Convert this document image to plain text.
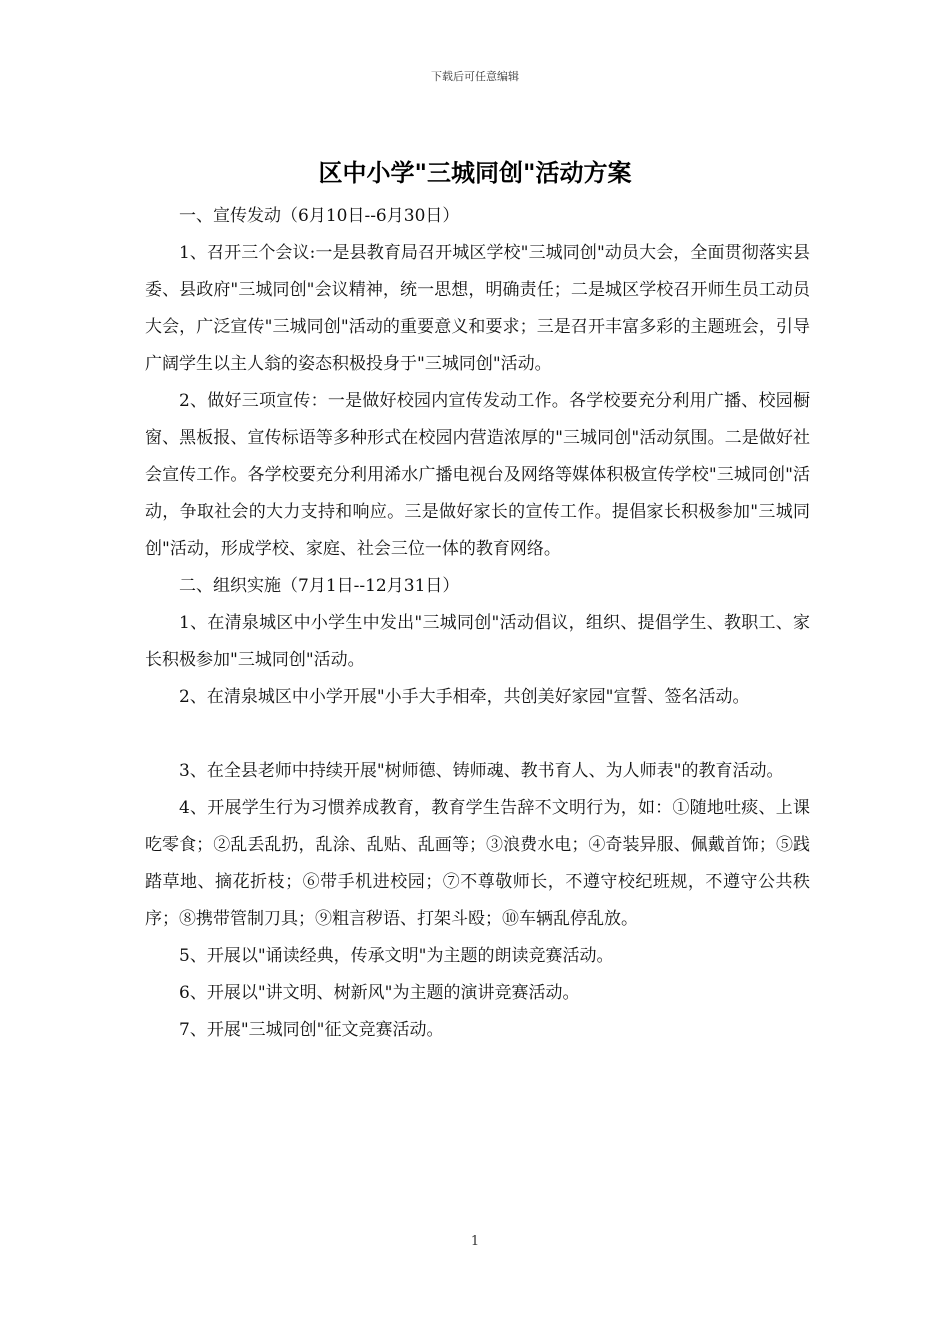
下载后可任意编辑
区中小学"三城同创"活动方案

一、宣传发动（6月10日--6月30日）

1、召开三个会议:一是县教育局召开城区学校"三城同创"动员大会，全面贯彻落实县委、县政府"三城同创"会议精神，统一思想，明确责任；二是城区学校召开师生员工动员大会，广泛宣传"三城同创"活动的重要意义和要求；三是召开丰富多彩的主题班会，引导广阔学生以主人翁的姿态积极投身于"三城同创"活动。

2、做好三项宣传：一是做好校园内宣传发动工作。各学校要充分利用广播、校园橱窗、黑板报、宣传标语等多种形式在校园内营造浓厚的"三城同创"活动氛围。二是做好社会宣传工作。各学校要充分利用浠水广播电视台及网络等媒体积极宣传学校"三城同创"活动，争取社会的大力支持和响应。三是做好家长的宣传工作。提倡家长积极参加"三城同创"活动，形成学校、家庭、社会三位一体的教育网络。

二、组织实施（7月1日--12月31日）

1、在清泉城区中小学生中发出"三城同创"活动倡议，组织、提倡学生、教职工、家长积极参加"三城同创"活动。

2、在清泉城区中小学开展"小手大手相牵，共创美好家园"宣誓、签名活动。

3、在全县老师中持续开展"树师德、铸师魂、教书育人、为人师表"的教育活动。

4、开展学生行为习惯养成教育，教育学生告辞不文明行为，如：①随地吐痰、上课吃零食；②乱丢乱扔，乱涂、乱贴、乱画等；③浪费水电；④奇装异服、佩戴首饰；⑤践踏草地、摘花折枝；⑥带手机进校园；⑦不尊敬师长，不遵守校纪班规，不遵守公共秩序；⑧携带管制刀具；⑨粗言秽语、打架斗殴；⑩车辆乱停乱放。

5、开展以"诵读经典，传承文明"为主题的朗读竞赛活动。

6、开展以"讲文明、树新风"为主题的演讲竞赛活动。

7、开展"三城同创"征文竞赛活动。

1
